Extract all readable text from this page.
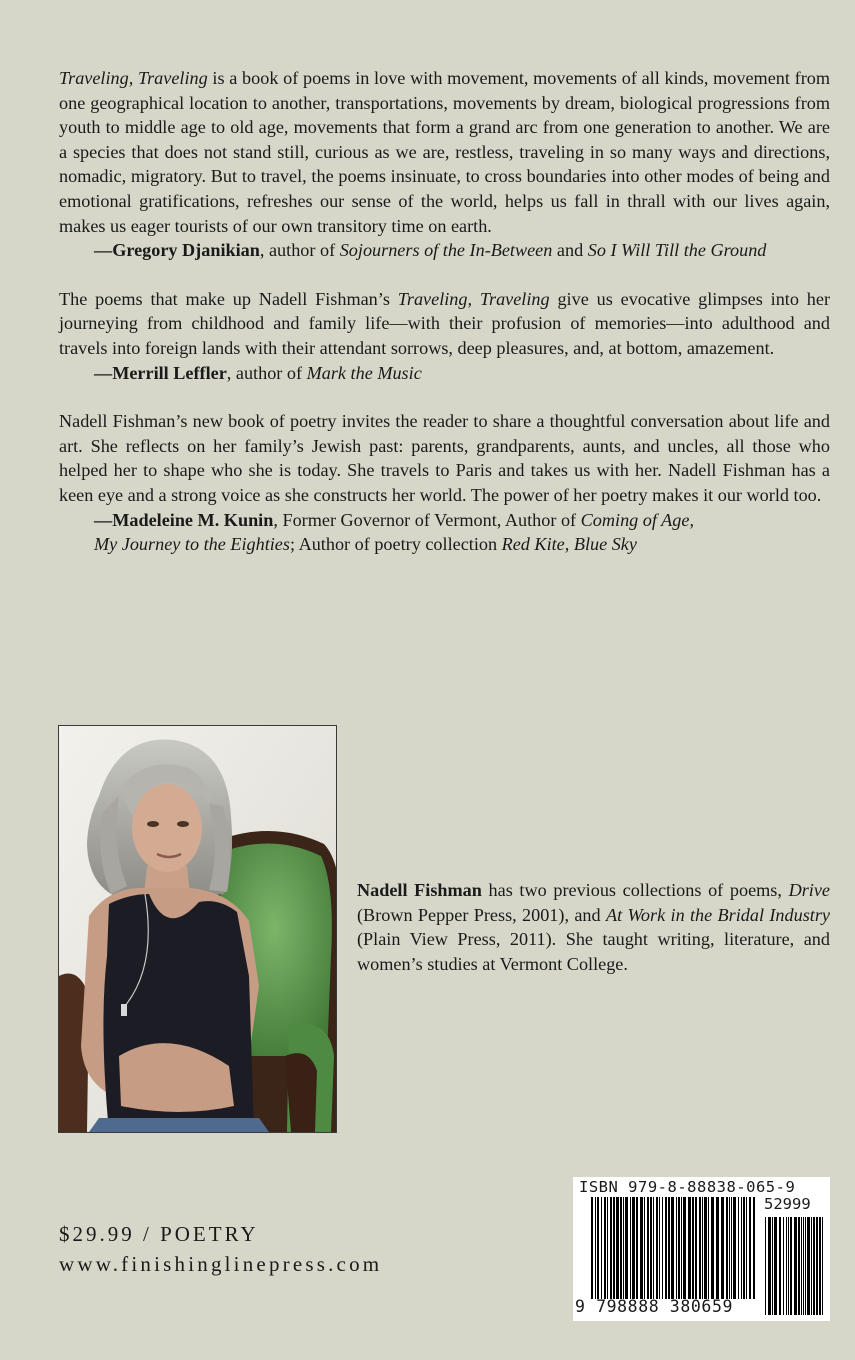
Traveling, Traveling is a book of poems in love with movement, movements of all kinds, movement from one geographical location to another, transportations, movements by dream, biological progressions from youth to middle age to old age, movements that form a grand arc from one generation to another. We are a species that does not stand still, curious as we are, restless, traveling in so many ways and directions, nomadic, migratory. But to travel, the poems insinuate, to cross boundaries into other modes of being and emotional gratifications, refreshes our sense of the world, helps us fall in thrall with our lives again, makes us eager tourists of our own transitory time on earth.

—Gregory Djanikian, author of Sojourners of the In-Between and So I Will Till the Ground

The poems that make up Nadell Fishman’s Traveling, Traveling give us evocative glimpses into her journeying from childhood and family life—with their profusion of memories—into adulthood and travels into foreign lands with their attendant sorrows, deep pleasures, and, at bottom, amazement.

—Merrill Leffler, author of Mark the Music

Nadell Fishman’s new book of poetry invites the reader to share a thoughtful conversation about life and art. She reflects on her family’s Jewish past: parents, grandparents, aunts, and uncles, all those who helped her to shape who she is today. She travels to Paris and takes us with her. Nadell Fishman has a keen eye and a strong voice as she constructs her world. The power of her poetry makes it our world too.

—Madeleine M. Kunin, Former Governor of Vermont, Author of Coming of Age,

My Journey to the Eighties; Author of poetry collection Red Kite, Blue Sky

Nadell Fishman has two previous collections of poems, Drive (Brown Pepper Press, 2001), and At Work in the Bridal Industry (Plain View Press, 2011). She taught writing, literature, and women’s studies at Vermont College.
$29.99 / POETRY
www.finishinglinepress.com
ISBN 979-8-88838-065-9
52999
9 798888 380659
